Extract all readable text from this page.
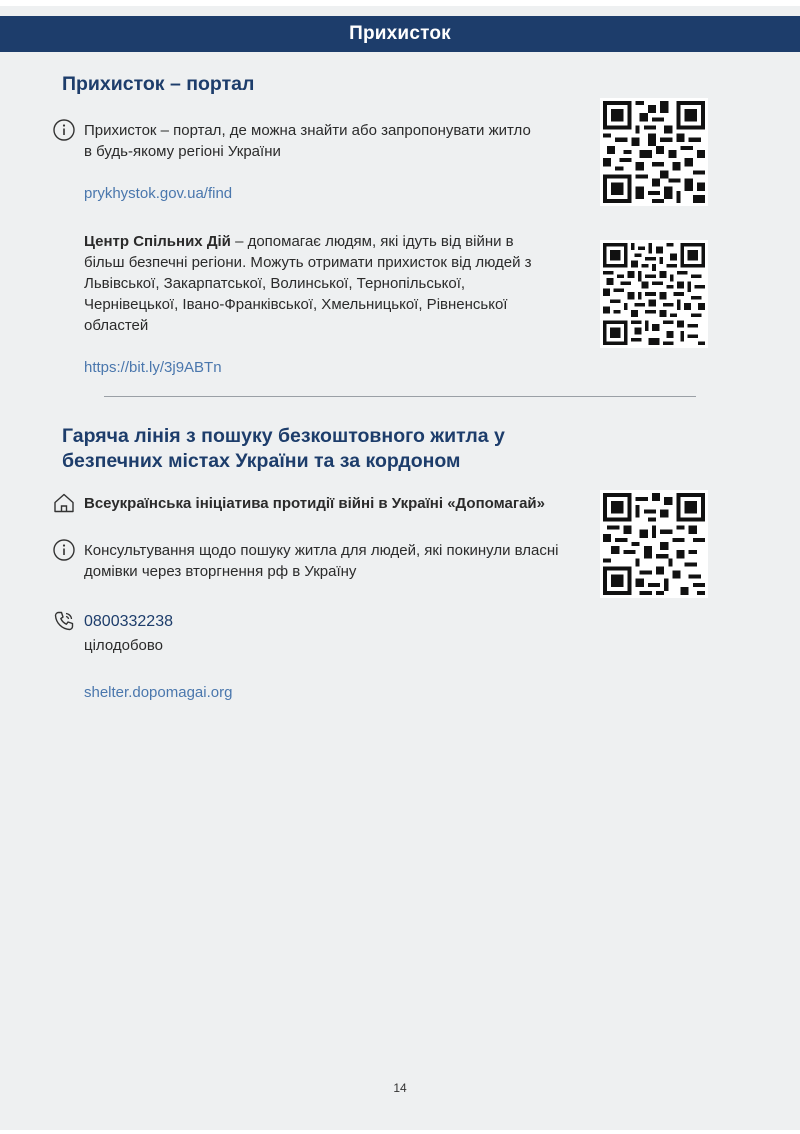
Прихисток
Прихисток – портал
Прихисток – портал, де можна знайти або запропонувати житло в будь-якому регіоні України
prykhystok.gov.ua/find
Центр Спільних Дій – допомагає людям, які ідуть від війни в більш безпечні регіони. Можуть отримати прихисток від людей з Львівської, Закарпатської, Волинської, Тернопільської, Чернівецької, Івано-Франківської, Хмельницької, Рівненської областей
https://bit.ly/3j9ABTn
Гаряча лінія з пошуку безкоштовного житла у безпечних містах України та за кордоном
Всеукраїнська ініціатива протидії війні в Україні «Допомагай»
Консультування щодо пошуку житла для людей, які покинули власні домівки через вторгнення рф в Україну
0800332238
цілодобово
shelter.dopomagai.org
14
